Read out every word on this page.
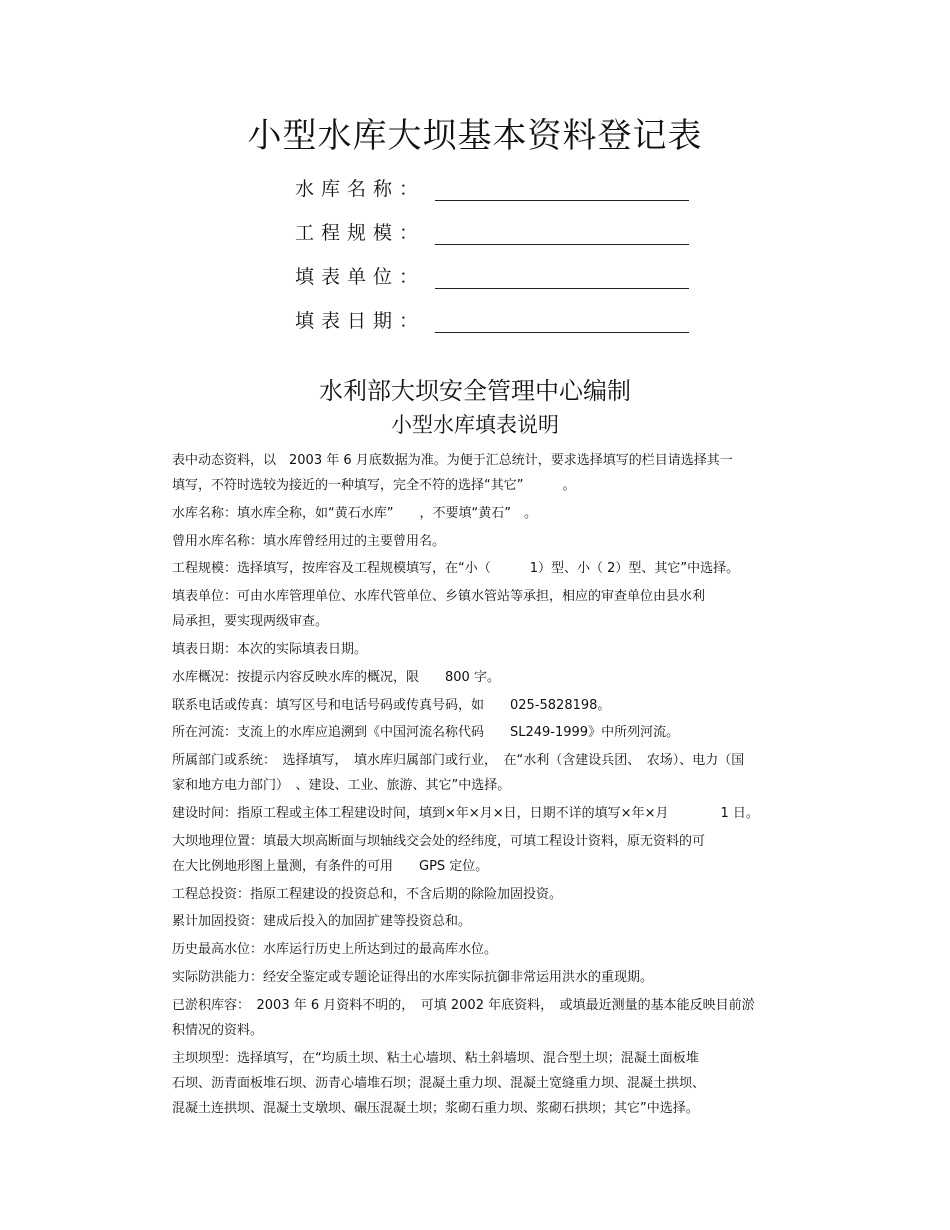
小型水库大坝基本资料登记表
水库名称：
工程规模：
填表单位：
填表日期：
水利部大坝安全管理中心编制
小型水库填表说明
表中动态资料，以　2003 年 6 月底数据为准。为便于汇总统计，要求选择填写的栏目请选择其一
填写，不符时选较为接近的一种填写，完全不符的选择“其它”　　　。
水库名称：填水库全称，如“黄石水库”　　，不要填“黄石”　。
曾用水库名称：填水库曾经用过的主要曾用名。
工程规模：选择填写，按库容及工程规模填写，在“小（　　　1）型、小（ 2）型、其它”中选择。
填表单位：可由水库管理单位、水库代管单位、乡镇水管站等承担，相应的审查单位由县水利
局承担，要实现两级审查。
填表日期：本次的实际填表日期。
水库概况：按提示内容反映水库的概况，限　　800 字。
联系电话或传真：填写区号和电话号码或传真号码，如　　025-5828198。
所在河流：支流上的水库应追溯到《中国河流名称代码　　SL249-1999》中所列河流。
所属部门或系统：　选择填写，　填水库归属部门或行业，　在“水利（含建设兵团、　农场）、电力（国
家和地方电力部门）　、建设、工业、旅游、其它”中选择。
建设时间：指原工程或主体工程建设时间，填到×年×月×日，日期不详的填写×年×月　　　　1 日。
大坝地理位置：填最大坝高断面与坝轴线交会处的经纬度，可填工程设计资料，原无资料的可
在大比例地形图上量测，有条件的可用　　GPS 定位。
工程总投资：指原工程建设的投资总和，不含后期的除险加固投资。
累计加固投资：建成后投入的加固扩建等投资总和。
历史最高水位：水库运行历史上所达到过的最高库水位。
实际防洪能力：经安全鉴定或专题论证得出的水库实际抗御非常运用洪水的重现期。
已淤积库容：　2003 年 6 月资料不明的，　可填 2002 年底资料，　或填最近测量的基本能反映目前淤
积情况的资料。
主坝坝型：选择填写，在“均质土坝、粘土心墙坝、粘土斜墙坝、混合型土坝；混凝土面板堆
石坝、沥青面板堆石坝、沥青心墙堆石坝；混凝土重力坝、混凝土宽缝重力坝、混凝土拱坝、
混凝土连拱坝、混凝土支墩坝、碾压混凝土坝；浆砌石重力坝、浆砌石拱坝；其它”中选择。
